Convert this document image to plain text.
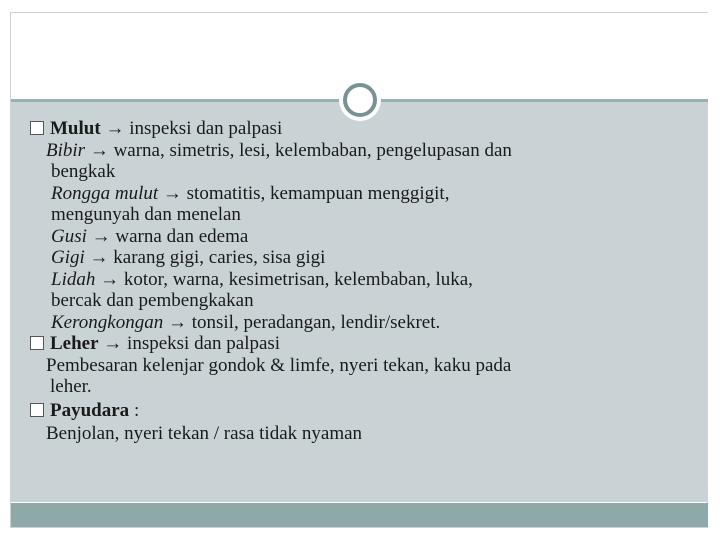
Mulut → inspeksi dan palpasi
Bibir → warna, simetris, lesi, kelembaban, pengelupasan dan
bengkak
Rongga mulut → stomatitis, kemampuan menggigit,
mengunyah dan menelan
Gusi → warna dan edema
Gigi → karang gigi, caries, sisa gigi
Lidah → kotor, warna, kesimetrisan, kelembaban, luka,
bercak dan pembengkakan
Kerongkongan → tonsil, peradangan, lendir/sekret.
Leher → inspeksi dan palpasi
Pembesaran kelenjar gondok & limfe, nyeri tekan, kaku pada
leher.
Payudara :
Benjolan, nyeri tekan / rasa tidak nyaman
